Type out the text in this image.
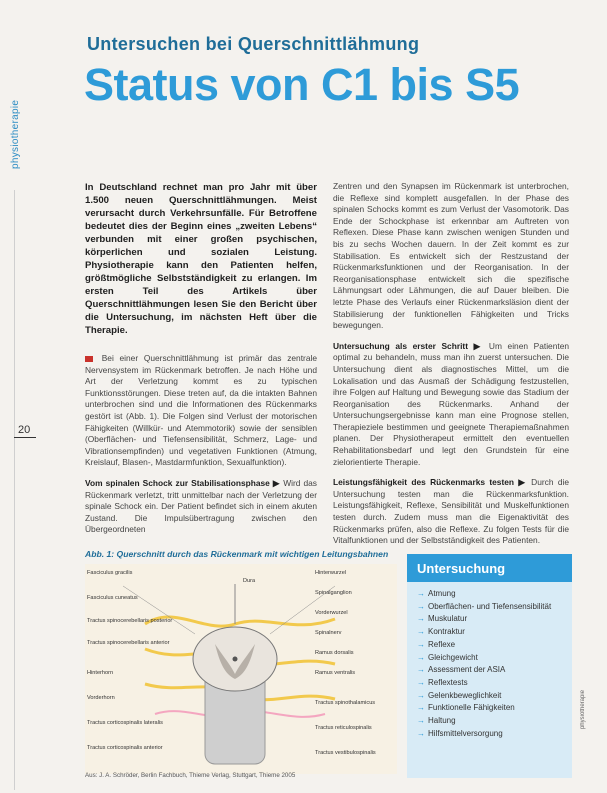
physiotherapie
20
Untersuchen bei Querschnittlähmung
Status von C1 bis S5

In Deutschland rechnet man pro Jahr mit über 1.500 neuen Querschnittlähmungen. Meist verursacht durch Verkehrsunfälle. Für Betroffene bedeutet dies der Beginn eines „zweiten Lebens“ verbunden mit einer großen psychischen, körperlichen und sozialen Leistung. Physiotherapie kann den Patienten helfen, größtmögliche Selbstständigkeit zu erlangen. Im ersten Teil des Artikels über Querschnittlähmungen lesen Sie den Bericht über die Untersuchung, im nächsten Heft über die Therapie.

Bei einer Querschnittlähmung ist primär das zentrale Nervensystem im Rückenmark betroffen. Je nach Höhe und Art der Verletzung kommt es zu typischen Funktionsstörungen. Diese treten auf, da die intakten Bahnen unterbrochen sind und die Informationen des Rückenmarks gestört ist (Abb. 1). Die Folgen sind Verlust der motorischen Fähigkeiten (Willkür- und Atemmotorik) sowie der sensiblen (Oberflächen- und Tiefensensibilität, Schmerz, Lage- und Vibrationsempfinden) und vegetativen Funktionen (Atmung, Kreislauf, Blasen-, Mastdarmfunktion, Sexualfunktion).

Vom spinalen Schock zur Stabilisationsphase ▶ Wird das Rückenmark verletzt, tritt unmittelbar nach der Verletzung der spinale Schock ein. Der Patient befindet sich in einem akuten Zustand. Die Impulsübertragung zwischen den Übergeordneten

Zentren und den Synapsen im Rückenmark ist unterbrochen, die Reflexe sind komplett ausgefallen. In der Phase des spinalen Schocks kommt es zum Verlust der Vasomotorik. Das Ende der Schockphase ist erkennbar am Auftreten von Reflexen. Diese Phase kann zwischen wenigen Stunden und bis zu sechs Wochen dauern. In der Zeit kommt es zur Stabilisation. Es entwickelt sich der Restzustand der Rückenmarksfunktionen und der Reorganisation. In der Reorganisationsphase entwickelt sich die spezifische Lähmungsart oder Lähmungen, die auf Dauer bleiben. Die letzte Phase des Verlaufs einer Rückenmarksläsion dient der Stabilisierung der funktionellen Fähigkeiten und Tricks bewegungen.

Untersuchung als erster Schritt ▶ Um einen Patienten optimal zu behandeln, muss man ihn zuerst untersuchen. Die Untersuchung dient als diagnostisches Mittel, um die Lokalisation und das Ausmaß der Schädigung festzustellen, ihre Folgen auf Haltung und Bewegung sowie das Stadium der Reorganisation des Rückenmarks. Anhand der Untersuchungsergebnisse kann man eine Prognose stellen, Therapieziele bestimmen und geeignete Therapiemaßnahmen planen. Der Physiotherapeut ermittelt den eventuellen Rehabilitationsbedarf und legt den Grundstein für eine zielorientierte Therapie.

Leistungsfähigkeit des Rückenmarks testen ▶ Durch die Untersuchung testen man die Rückenmarksfunktion. Leistungsfähigkeit, Reflexe, Sensibilität und Muskelfunktionen testen durch. Zudem muss man die Eigenaktivität des Rückenmarks prüfen, also die Reflexe. Zu folgen Tests für die Vitalfunktionen und der Selbstständigkeit des Patienten.

Abb. 1: Querschnitt durch das Rückenmark mit wichtigen Leitungsbahnen
Fasciculus gracilis
Fasciculus cuneatus
Tractus spinocerebellaris posterior
Tractus spinocerebellaris anterior
Hinterhorn
Vorderhorn
Tractus corticospinalis lateralis
Tractus corticospinalis anterior
Hinterwurzel
Spinalganglion
Vorderwurzel
Spinalnerv
Ramus dorsalis
Ramus ventralis
Tractus spinothalamicus
Tractus reticulospinalis
Tractus vestibulospinalis
Dura
Aus: J. A. Schröder, Berlin Fachbuch, Thieme Verlag, Stuttgart, Thieme 2005
Untersuchung
→ Atmung
→ Oberflächen- und Tiefensensibilität
→ Muskulatur
→ Kontraktur
→ Reflexe
→ Gleichgewicht
→ Assessment der ASIA
→ Reflextests
→ Gelenkbeweglichkeit
→ Funktionelle Fähigkeiten
→ Haltung
→ Hilfsmittelversorgung
physiotherapie
